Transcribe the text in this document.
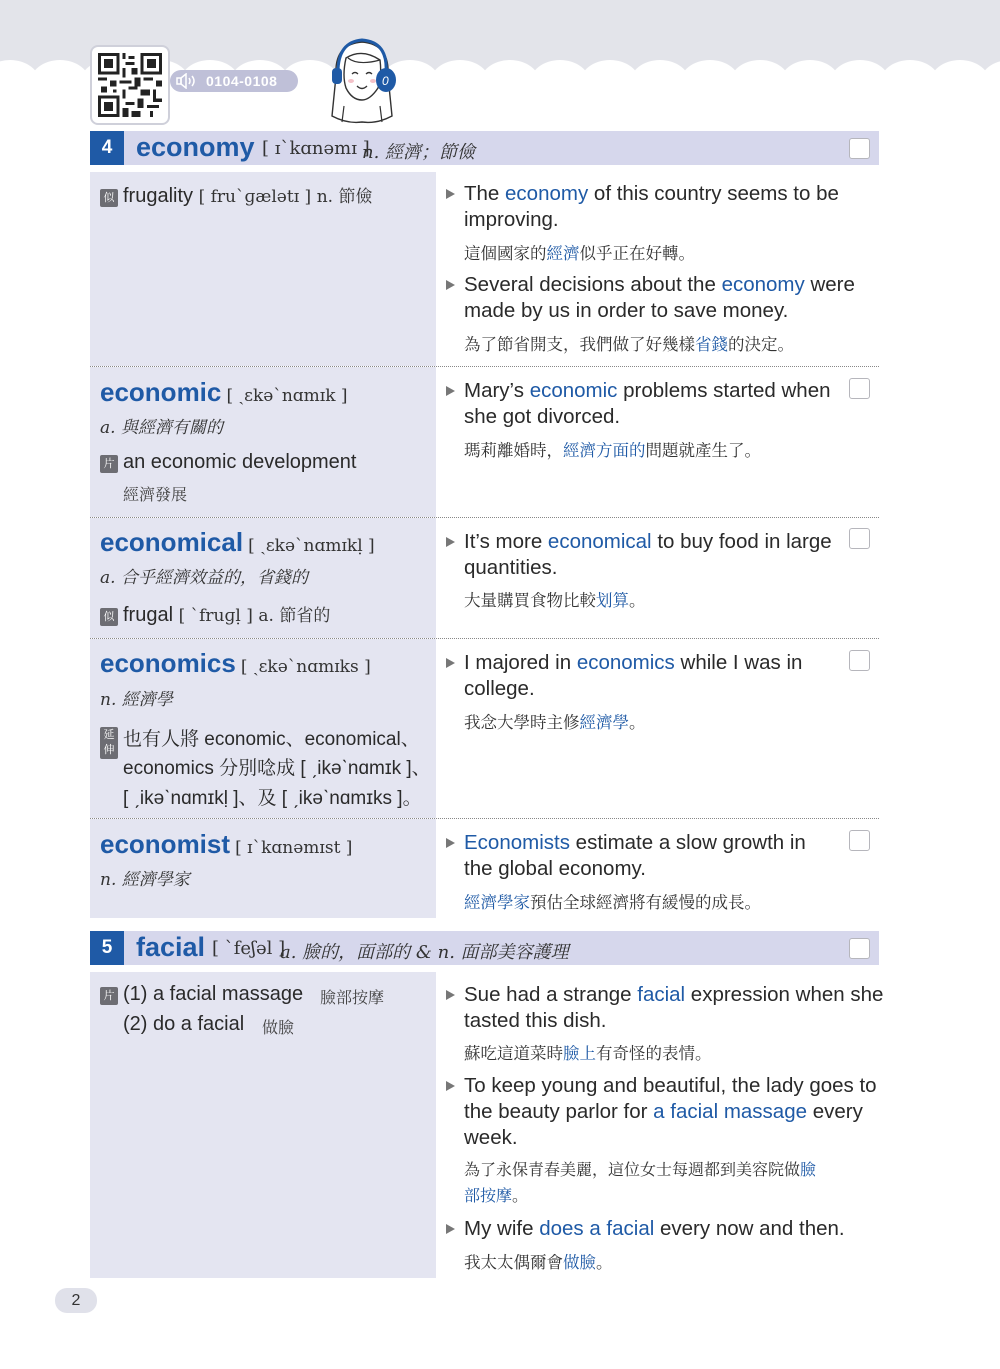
0104-0108	0
4 economy [ ɪˋkɑnəmɪ ]
n. 經濟；節儉
似 frugality [ fruˋɡælətɪ ] n. 節儉	The economy of this country seems to be
improving.
這個國家的經濟似乎正在好轉。
Several decisions about the economy were
made by us in order to save money.
為了節省開支，我們做了好幾樣省錢的決定。
economic [ ˏɛkəˋnɑmɪk ]
a. 與經濟有關的
片 an economic development
經濟發展
Mary’s economic problems started when
she got divorced.
瑪莉離婚時，經濟方面的問題就產生了。
economical [ ˏɛkəˋnɑmɪkḷ ]
a. 合乎經濟效益的，省錢的
似 frugal [ ˋfruɡḷ ] a. 節省的
It’s more economical to buy food in large
quantities.
大量購買食物比較划算。
economics [ ˏɛkəˋnɑmɪks ]
n. 經濟學
延伸 也有人將 economic、economical、
economics 分別唸成 [ ˏikəˋnɑmɪk ]、
[ ˏikəˋnɑmɪkḷ ]、及 [ ˏikəˋnɑmɪks ]。
I majored in economics while I was in
college.
我念大學時主修經濟學。
economist [ ɪˋkɑnəmɪst ]
n. 經濟學家
Economists estimate a slow growth in
the global economy.
經濟學家預估全球經濟將有緩慢的成長。
5 facial [ ˋfeʃəl ]
a. 臉的，面部的 & n. 面部美容護理
片 (1) a facial massage 臉部按摩
(2) do a facial 做臉
Sue had a strange facial expression when she
tasted this dish.
蘇吃這道菜時臉上有奇怪的表情。
To keep young and beautiful, the lady goes to
the beauty parlor for a facial massage every
week.
為了永保青春美麗，這位女士每週都到美容院做臉
部按摩。
My wife does a facial every now and then.
我太太偶爾會做臉。
2
